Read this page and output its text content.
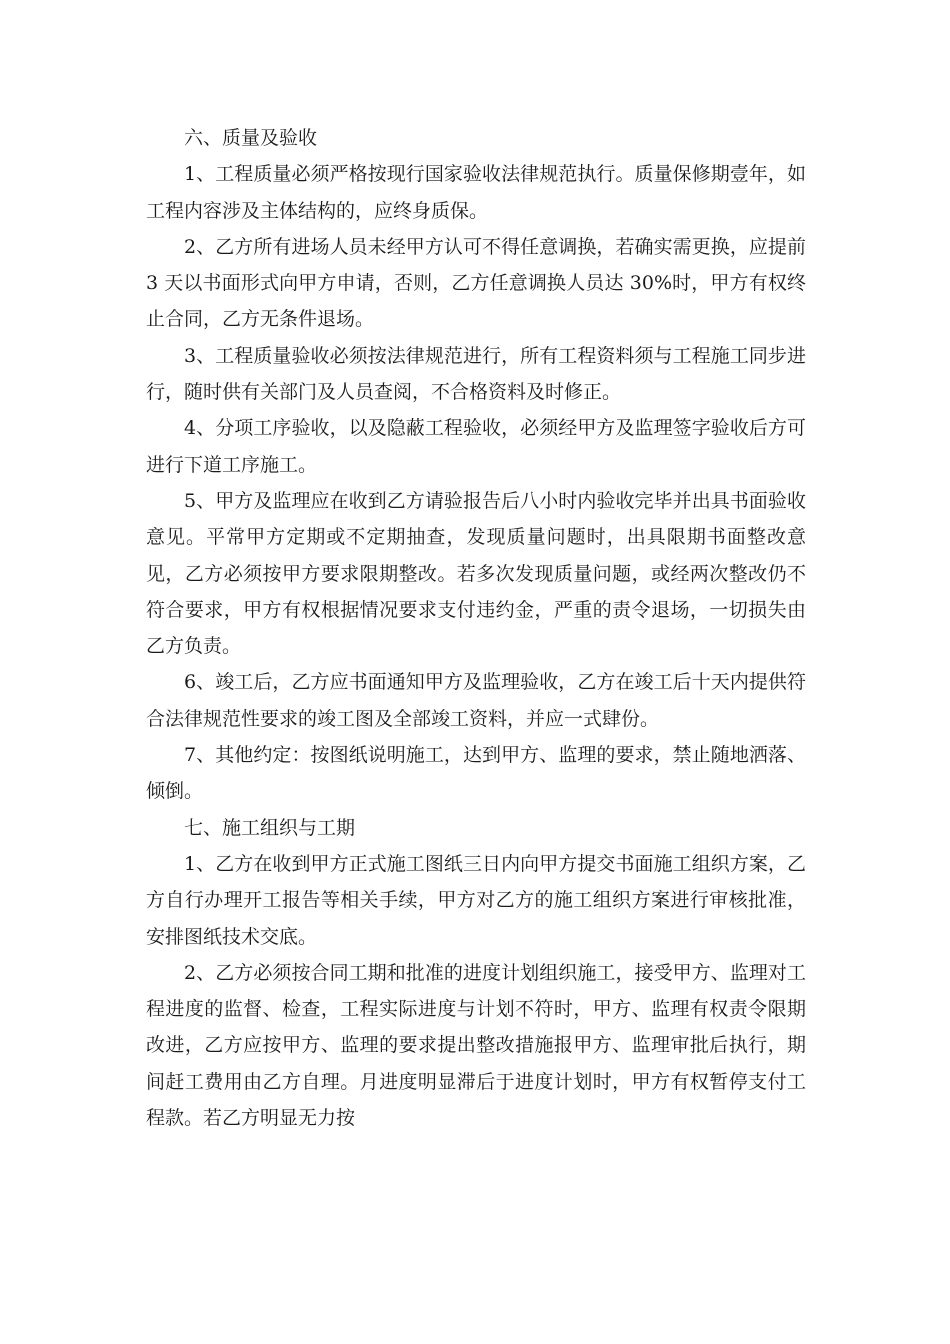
六、质量及验收

1、工程质量必须严格按现行国家验收法律规范执行。质量保修期壹年，如工程内容涉及主体结构的，应终身质保。

2、乙方所有进场人员未经甲方认可不得任意调换，若确实需更换，应提前 3 天以书面形式向甲方申请，否则，乙方任意调换人员达 30%时，甲方有权终止合同，乙方无条件退场。

3、工程质量验收必须按法律规范进行，所有工程资料须与工程施工同步进行，随时供有关部门及人员查阅，不合格资料及时修正。

4、分项工序验收，以及隐蔽工程验收，必须经甲方及监理签字验收后方可进行下道工序施工。

5、甲方及监理应在收到乙方请验报告后八小时内验收完毕并出具书面验收意见。平常甲方定期或不定期抽查，发现质量问题时，出具限期书面整改意见，乙方必须按甲方要求限期整改。若多次发现质量问题，或经两次整改仍不符合要求，甲方有权根据情况要求支付违约金，严重的责令退场，一切损失由乙方负责。

6、竣工后，乙方应书面通知甲方及监理验收，乙方在竣工后十天内提供符合法律规范性要求的竣工图及全部竣工资料，并应一式肆份。

7、其他约定：按图纸说明施工，达到甲方、监理的要求，禁止随地洒落、倾倒。

七、施工组织与工期

1、乙方在收到甲方正式施工图纸三日内向甲方提交书面施工组织方案，乙方自行办理开工报告等相关手续，甲方对乙方的施工组织方案进行审核批准，安排图纸技术交底。

2、乙方必须按合同工期和批准的进度计划组织施工，接受甲方、监理对工程进度的监督、检查，工程实际进度与计划不符时，甲方、监理有权责令限期改进，乙方应按甲方、监理的要求提出整改措施报甲方、监理审批后执行，期间赶工费用由乙方自理。月进度明显滞后于进度计划时，甲方有权暂停支付工程款。若乙方明显无力按
